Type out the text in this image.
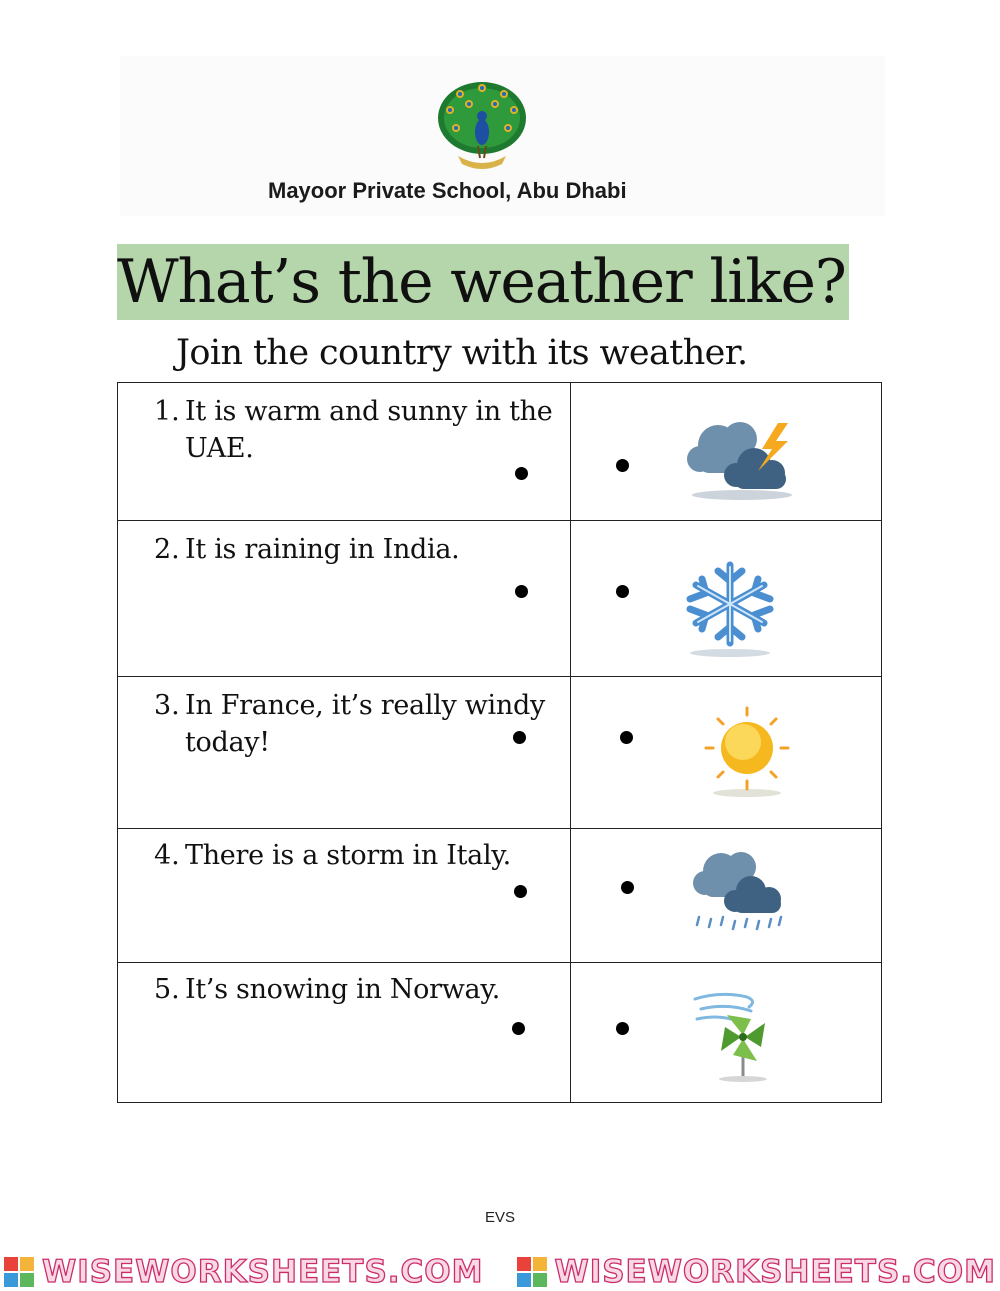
Mayoor Private School, Abu Dhabi
What’s the weather like?
Join the country with its weather.
1. It is warm and sunny in the UAE.

2. It is raining in India.

3. In France, it’s really windy today!

4. There is a storm in Italy.

5. It’s snowing in Norway.

EVS
WISEWORKSHEETS.COM WISEWORKSHEETS.COM
